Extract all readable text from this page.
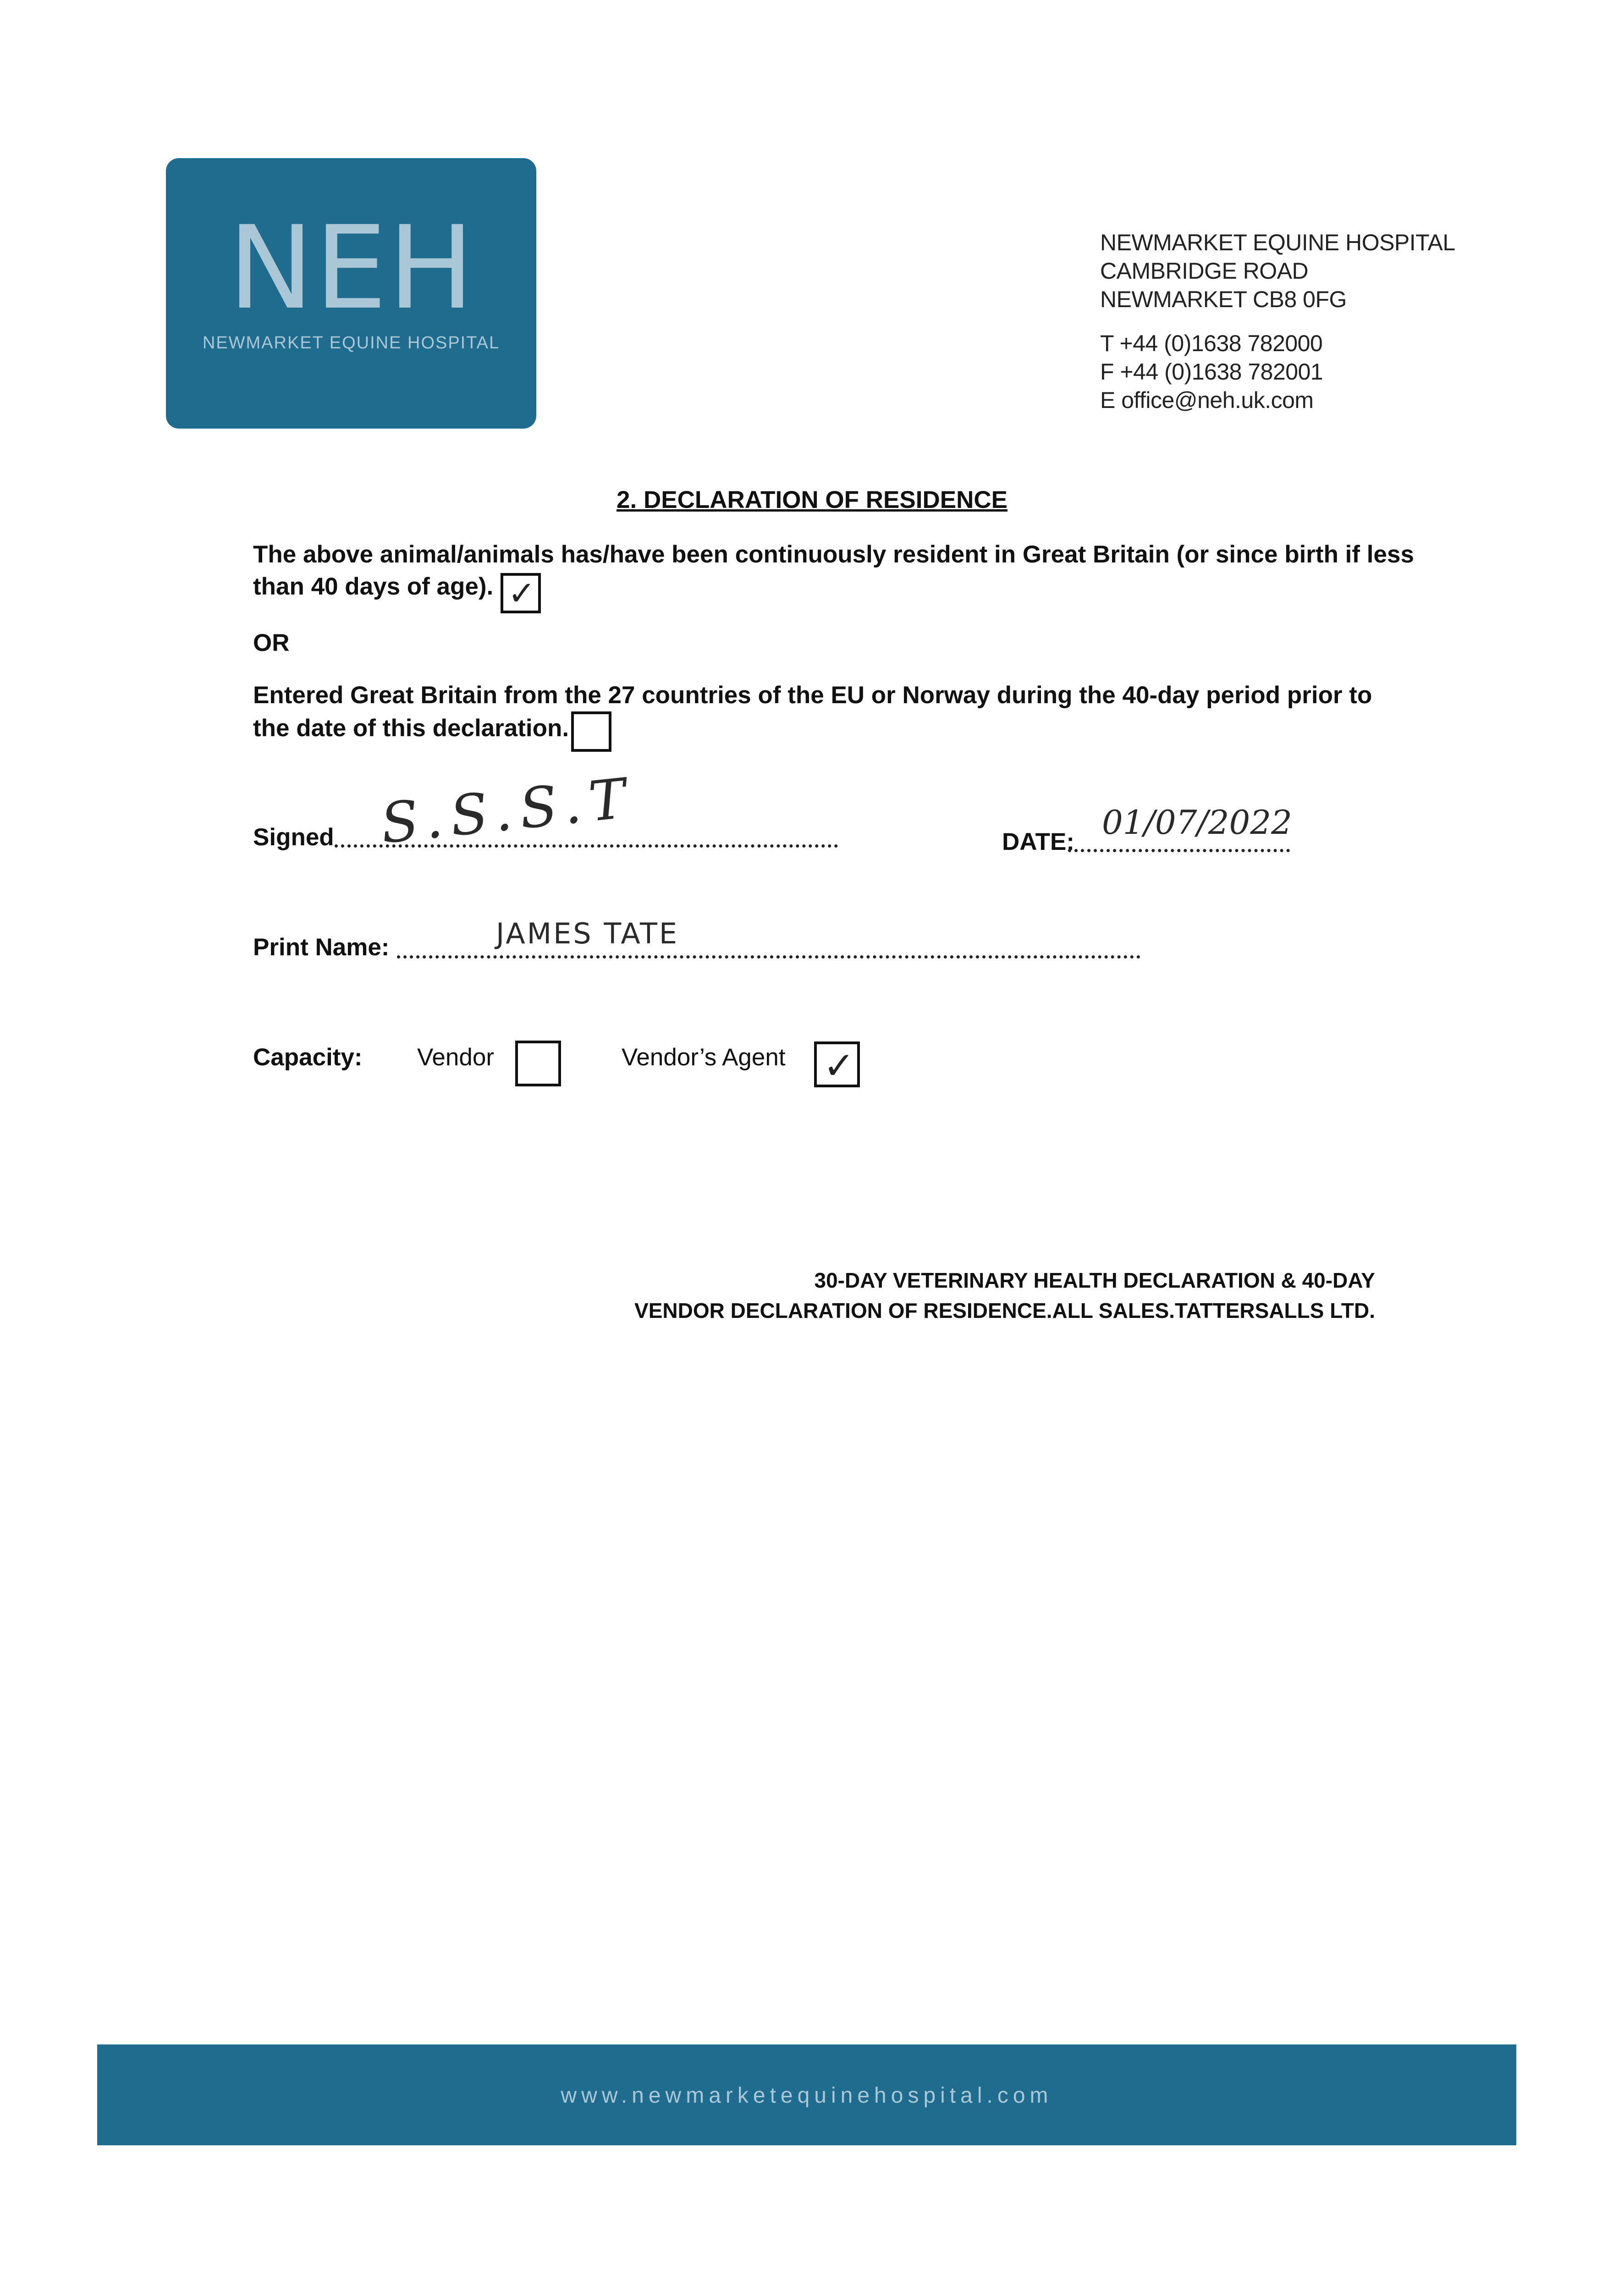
NEH
NEWMARKET EQUINE HOSPITAL
NEWMARKET EQUINE HOSPITAL
CAMBRIDGE ROAD
NEWMARKET CB8 0FG
T +44 (0)1638 782000
F +44 (0)1638 782001
E office@neh.uk.com
2. DECLARATION OF RESIDENCE
The above animal/animals has/have been continuously resident in Great Britain (or since birth if less
than 40 days of age). ✓
OR
Entered Great Britain from the 27 countries of the EU or Norway during the 40-day period prior to
the date of this declaration.
Signed S.S.S.T	DATE:
01/07/2022
Print Name:	JAMES TATE
Capacity: Vendor	Vendor’s Agent ✓
30-DAY VETERINARY HEALTH DECLARATION & 40-DAY
VENDOR DECLARATION OF RESIDENCE.ALL SALES.TATTERSALLS LTD.
www.newmarketequinehospital.com
